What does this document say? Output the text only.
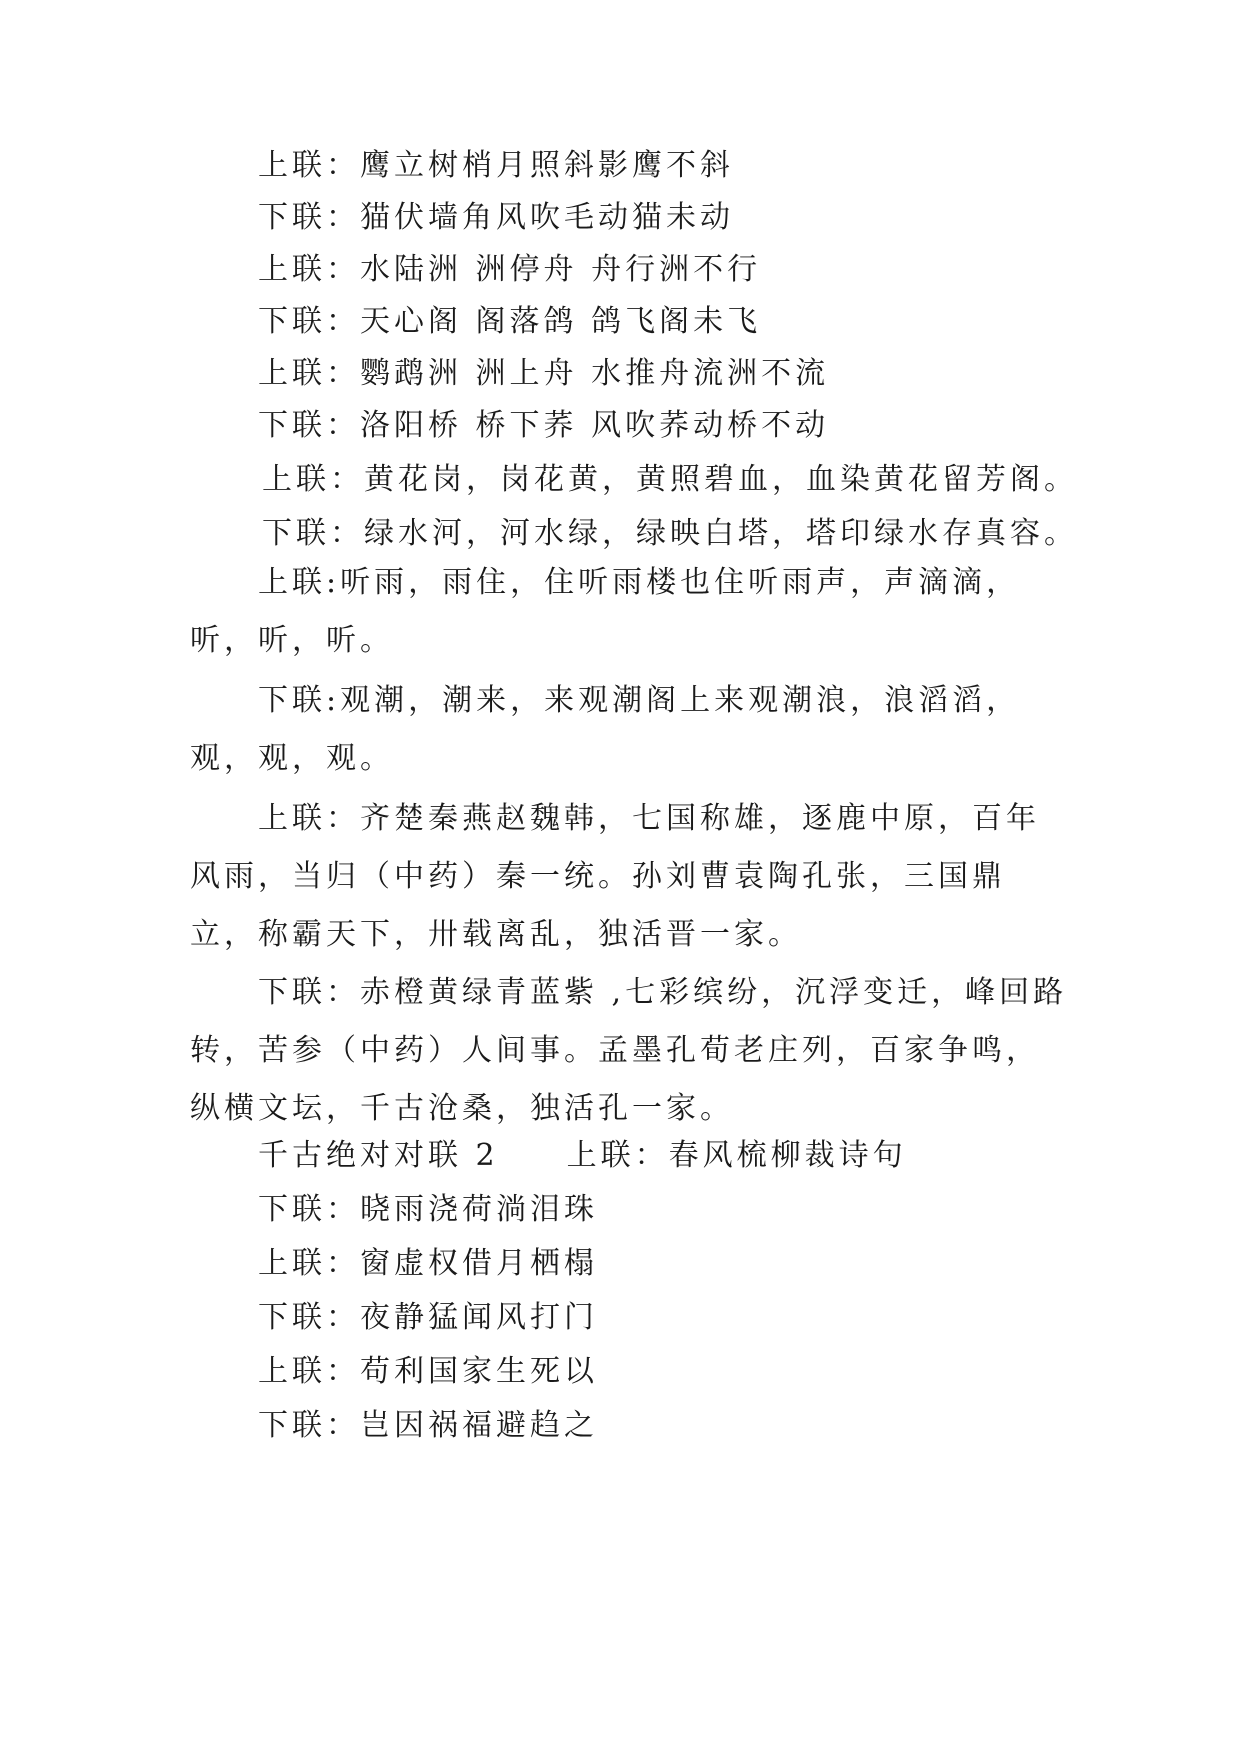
上联：鹰立树梢月照斜影鹰不斜
下联：猫伏墙角风吹毛动猫未动
上联：水陆洲 洲停舟 舟行洲不行
下联：天心阁 阁落鸽 鸽飞阁未飞
上联：鹦鹉洲 洲上舟 水推舟流洲不流
下联：洛阳桥 桥下荞 风吹荞动桥不动
上联：黄花岗，岗花黄，黄照碧血，血染黄花留芳阁。
下联：绿水河，河水绿，绿映白塔，塔印绿水存真容。
上联:听雨，雨住，住听雨楼也住听雨声，声滴滴，听，听，听。
下联:观潮，潮来，来观潮阁上来观潮浪，浪滔滔，观，观，观。
上联：齐楚秦燕赵魏韩，七国称雄，逐鹿中原，百年风雨，当归（中药）秦一统。孙刘曹袁陶孔张，三国鼎立，称霸天下，卅载离乱，独活晋一家。
下联：赤橙黄绿青蓝紫 ,七彩缤纷，沉浮变迁，峰回路转，苦参（中药）人间事。孟墨孔荀老庄列，百家争鸣，纵横文坛，千古沧桑，独活孔一家。
千古绝对对联 2　　上联：春风梳柳裁诗句
下联：晓雨浇荷淌泪珠
上联：窗虚权借月栖榻
下联：夜静猛闻风打门
上联：苟利国家生死以
下联：岂因祸福避趋之
